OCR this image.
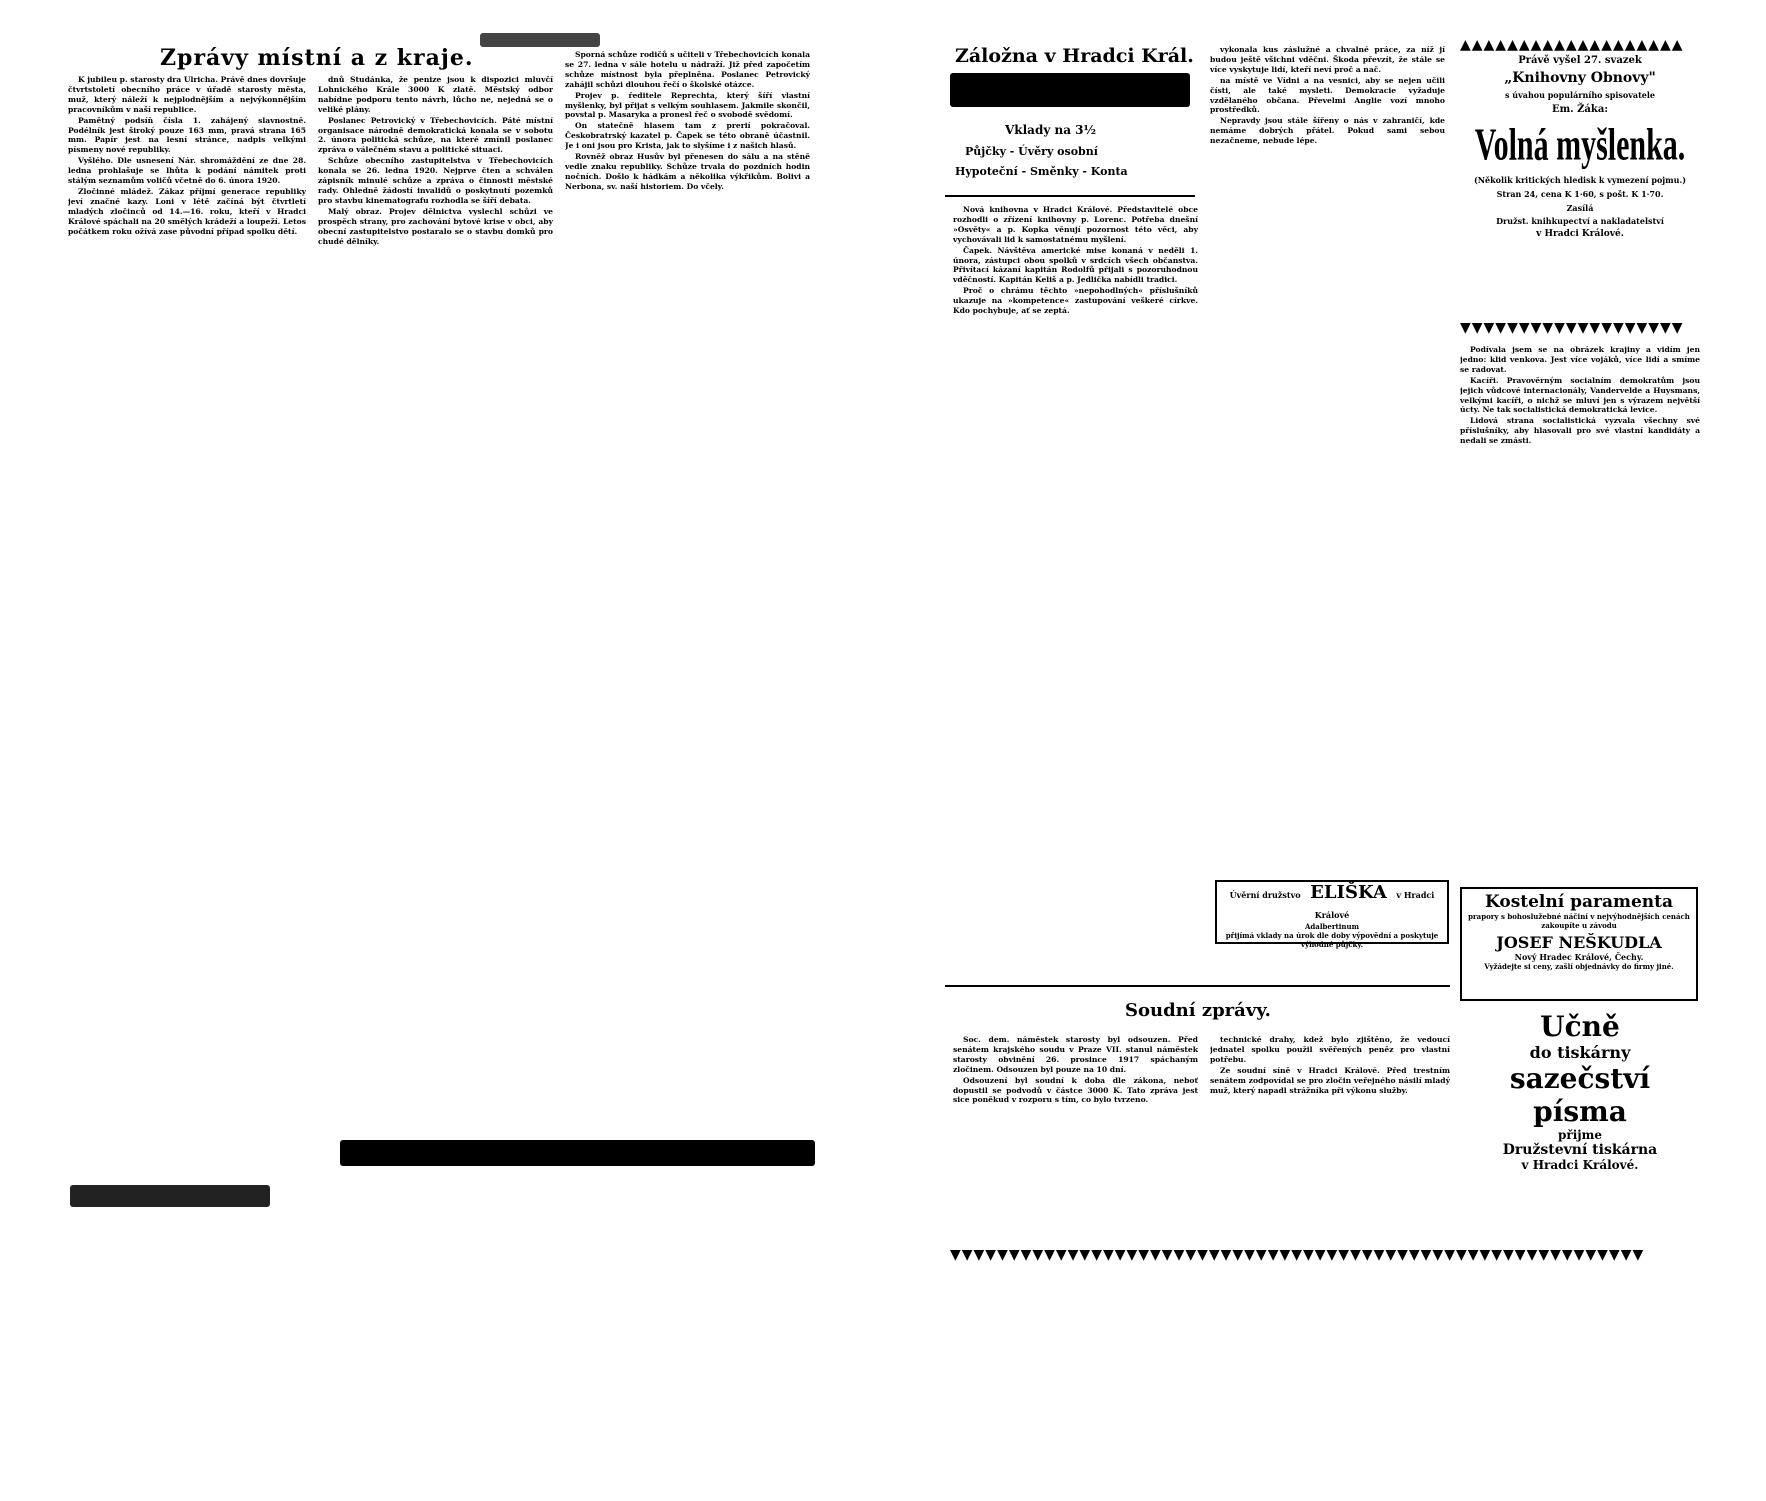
Zprávy místní a z kraje.

K jubileu p. starosty dra Ulricha. Právě dnes dovršuje čtvrtstoletí obecního práce v úřadě starosty města, muž, který náleží k nejplodnějším a nejvýkonnějším pracovníkům v naší republice.

Pamětný podsíň čísla 1. zahájený slavnostně. Podélník jest široký pouze 163 mm, pravá strana 165 mm. Papír jest na lesní stránce, nadpis velkými písmeny nové republiky.

Vyšlého. Dle usnesení Nár. shromáždění ze dne 28. ledna prohlašuje se lhůta k podání námitek proti stálým seznamům voličů včetně do 6. února 1920.

Zločinné mládež. Zákaz příjmí generace republiky jeví značné kazy. Loni v létě začíná být čtvrtletí mladých zločinců od 14.—16. roku, kteří v Hradci Králové spáchali na 20 smělých krádeží a loupeží. Letos počátkem roku ožívá zase původní případ spolku dětí.

dnů Studánka, že penize jsou k dispozici mluvčí Lohnického Krále 3000 K zlatě. Městský odbor nabídne podporu tento návrh, lůcho ne, nejedná se o veliké plány.

Poslanec Petrovický v Třebechovicích. Páté místní organisace národně demokratická konala se v sobotu 2. února politická schůze, na které zmínil poslanec zpráva o válečném stavu a politické situaci.

Schůze obecního zastupitelstva v Třebechovicích konala se 26. ledna 1920. Nejprve čten a schválen zápisník minulé schůze a zpráva o činnosti městské rady. Ohledně žádostí invalidů o poskytnutí pozemků pro stavbu kinematografu rozhodla se šíří debata.

Malý obraz. Projev dělnictva vyslechl schůzi ve prospěch strany, pro zachování bytové krise v obci, aby obecní zastupitelstvo postaralo se o stavbu domků pro chudé dělníky.

Sporná schůze rodičů s učiteli v Třebechovicích konala se 27. ledna v sále hotelu u nádraží. Již před započetím schůze místnost byla přeplněna. Poslanec Petrovický zahájil schůzi dlouhou řečí o školské otázce.

Projev p. ředitele Reprechta, který šíří vlastní myšlenky, byl přijat s velkým souhlasem. Jakmile skončil, povstal p. Masaryka a pronesl řeč o svobodě svědomí.

On statečně hlasem tam z prerií pokračoval. Českobratrský kazatel p. Čapek se této obraně účastnil. Je i oni jsou pro Krista, jak to slyšíme i z našich hlasů.

Rovněž obraz Husův byl přenesen do sálu a na stěně vedle znaku republiky. Schůze trvala do pozdních hodin nočních. Došlo k hádkám a několika výkřikům. Bolivi a Nerbona, sv. naší historiem. Do včely.

Záložna v Hradci Král.
Vklady na 3½
Půjčky - Úvěry osobní
Hypoteční - Směnky - Konta

Nová knihovna v Hradci Králové. Představitelé obce rozhodli o zřízení knihovny p. Lorenc. Potřeba dnešní »Osvěty« a p. Kopka věnují pozornost této věci, aby vychovávali lid k samostatnému myšlení.

Čapek. Návštěva americké mise konaná v neděli 1. února, zástupci obou spolků v srdcích všech občanstva. Přivítací kázaní kapitán Rodolfů přijali s pozoruhodnou vděčností. Kapitán Keliš a p. Jedlička nabídli tradici.

Proč o chrámu těchto »nepohodlných« příslušníků ukazuje na »kompetence« zastupování veškeré církve. Kdo pochybuje, ať se zeptá.

vykonala kus záslužné a chvalné práce, za níž jí budou ještě všichni vděčni. Škoda převzít, že stále se více vyskytuje lidí, kteří neví proč a nač.

na místě ve Vídni a na vesnici, aby se nejen učili čísti, ale také mysleti. Demokracie vyžaduje vzdělaného občana. Převelmi Anglie vozí mnoho prostředků.

Nepravdy jsou stále šířeny o nás v zahraničí, kde nemáme dobrých přátel. Pokud sami sebou nezačneme, nebude lépe.

▲▲▲▲▲▲▲▲▲▲▲▲▲▲▲▲▲▲▲
Právě vyšel 27. svazek
„Knihovny Obnovy"
s úvahou populárního spisovatele
Em. Žáka:
Volná myšlenka.
(Několik kritických hledisk k vymezení pojmu.)
Stran 24, cena K 1·60, s pošt. K 1·70.
Zasílá
Družst. knihkupectví a nakladatelství
v Hradci Králové.
▼▼▼▼▼▼▼▼▼▼▼▼▼▼▼▼▼▼▼

Podívala jsem se na obrázek krajiny a vidím jen jedno: klid venkova. Jest více vojáků, více lidí a smíme se radovat.

Kacíři. Pravověrným socialním demokratům jsou jejich vůdcové internacionály, Vandervelde a Huysmans, velkými kacíři, o nichž se mluví jen s výrazem největší úcty. Ne tak socialistická demokratická levice.

Lidová strana socialistická vyzvala všechny své příslušníky, aby hlasovali pro své vlastní kandidáty a nedali se zmásti.

Úvěrní družstvo ELIŠKA v Hradci Králové
Adalbertinum
přijímá vklady na úrok dle doby výpovědní a poskytuje výhodné půjčky.
Kostelní paramenta
prapory s bohoslužebné náčiní v nejvýhodnějších cenách zakoupíte u závodu
JOSEF NEŠKUDLA
Nový Hradec Králové, Čechy.
Vyžádejte si ceny, zašlí objednávky do firmy jiné.
Učně
do tiskárny
sazečství písma
přijme
Družstevní tiskárna
v Hradci Králové.
Soudní zprávy.

Soc. dem. náměstek starosty byl odsouzen. Před senátem krajského soudu v Praze VII. stanul náměstek starosty obvinění 26. prosince 1917 spáchaným zločinem. Odsouzen byl pouze na 10 dní.

Odsouzení byl soudní k doba dle zákona, neboť dopustil se podvodů v částce 3000 K. Tato zpráva jest sice poněkud v rozporu s tím, co bylo tvrzeno.

technické drahy, kdež bylo zjištěno, že vedoucí jednatel spolku použil svěřených peněz pro vlastní potřebu.

Ze soudní síně v Hradci Králové. Před trestním senátem zodpovídal se pro zločin veřejného násilí mladý muž, který napadl strážníka při výkonu služby.

▼▼▼▼▼▼▼▼▼▼▼▼▼▼▼▼▼▼▼▼▼▼▼▼▼▼▼▼▼▼▼▼▼▼▼▼▼▼▼▼▼▼▼▼▼▼▼▼▼▼▼▼▼▼▼▼▼▼▼
